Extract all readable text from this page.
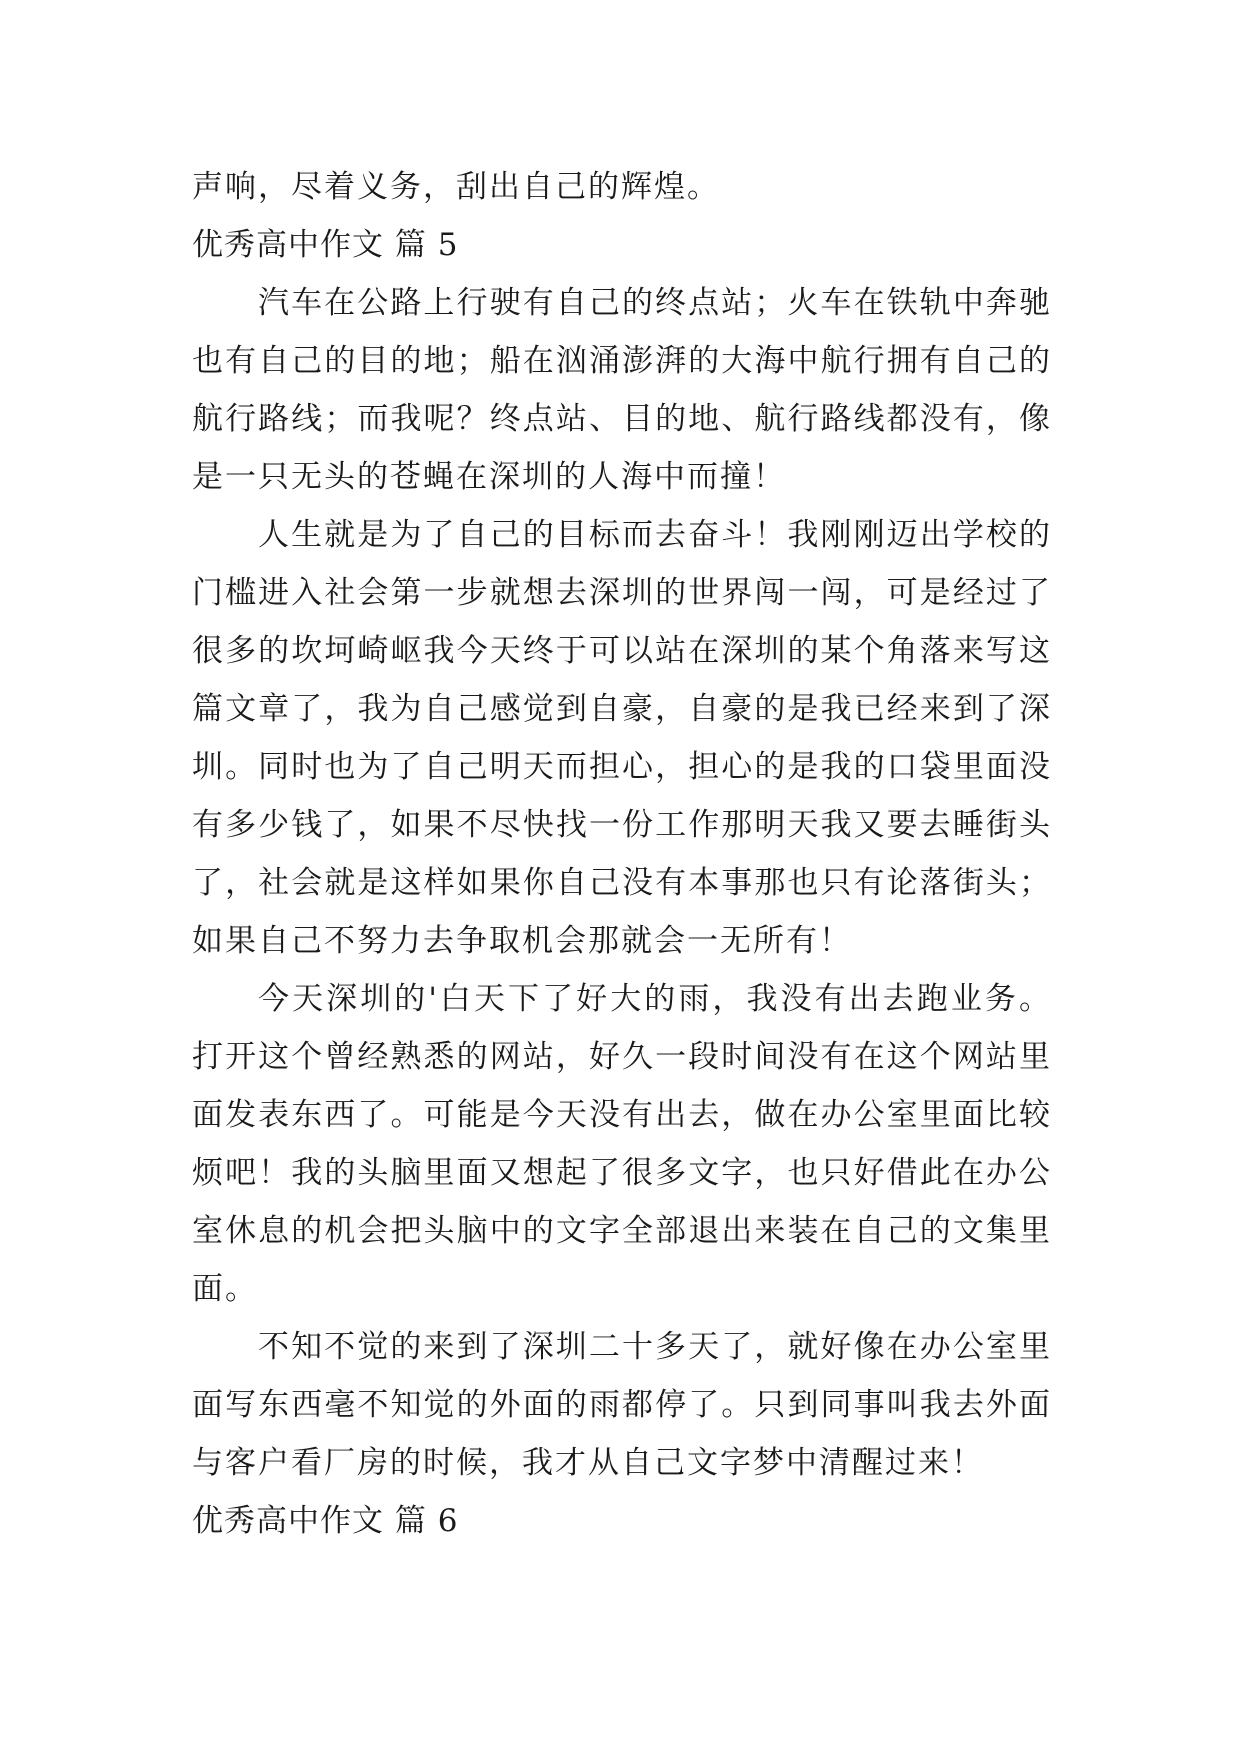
声响，尽着义务，刮出自己的辉煌。

优秀高中作文 篇 5

汽车在公路上行驶有自己的终点站；火车在铁轨中奔驰也有自己的目的地；船在汹涌澎湃的大海中航行拥有自己的航行路线；而我呢？终点站、目的地、航行路线都没有，像是一只无头的苍蝇在深圳的人海中而撞！

人生就是为了自己的目标而去奋斗！我刚刚迈出学校的门槛进入社会第一步就想去深圳的世界闯一闯，可是经过了很多的坎坷崎岖我今天终于可以站在深圳的某个角落来写这篇文章了，我为自己感觉到自豪，自豪的是我已经来到了深圳。同时也为了自己明天而担心，担心的是我的口袋里面没有多少钱了，如果不尽快找一份工作那明天我又要去睡街头了，社会就是这样如果你自己没有本事那也只有论落街头；如果自己不努力去争取机会那就会一无所有！

今天深圳的'白天下了好大的雨，我没有出去跑业务。打开这个曾经熟悉的网站，好久一段时间没有在这个网站里面发表东西了。可能是今天没有出去，做在办公室里面比较烦吧！我的头脑里面又想起了很多文字，也只好借此在办公室休息的机会把头脑中的文字全部退出来装在自己的文集里面。

不知不觉的来到了深圳二十多天了，就好像在办公室里面写东西毫不知觉的外面的雨都停了。只到同事叫我去外面与客户看厂房的时候，我才从自己文字梦中清醒过来！

优秀高中作文 篇 6
